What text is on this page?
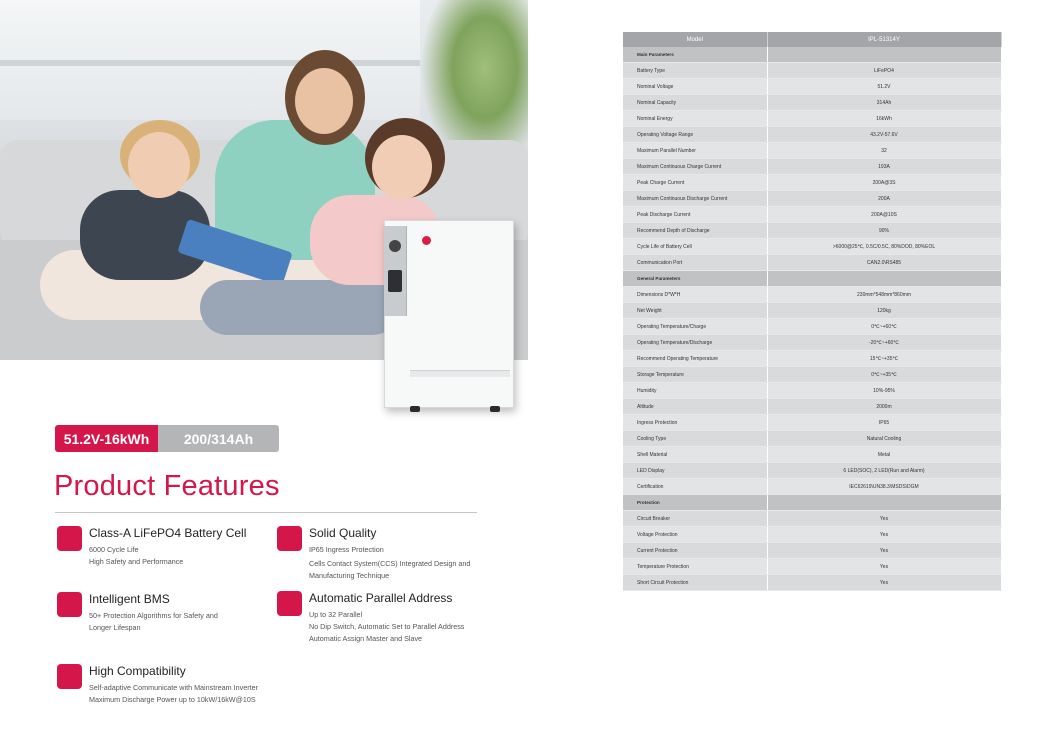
51.2V-16kWh	200/314Ah
Product Features
Class-A LiFePO4 Battery Cell
6000 Cycle Life
High Safety and Performance
Solid Quality
IP65 Ingress Protection
Cells Contact System(CCS) Integrated Design and Manufacturing Technique
Intelligent BMS
50+ Protection Algorithms for Safety and Longer Lifespan
Automatic Parallel Address
Up to 32 Parallel
No Dip Switch, Automatic Set to Parallel Address
Automatic Assign Master and Slave
High Compatibility
Self-adaptive Communicate with Mainstream Inverter
Maximum Discharge Power up to 10kW/16kW@10S
Model	IPL-51314Y
Main Parameters	
Battery Type	LiFePO4
Nominal Voltage	51.2V
Nominal Capacity	314Ah
Nominal Energy	16kWh
Operating Voltage Range	43.2V-57.6V
Maximum Parallel Number	32
Maximum Continuous Charge Current	193A
Peak Charge Current	200A@3S
Maximum Continuous Discharge Current	200A
Peak Discharge Current	200A@10S
Recommend Depth of Discharge	90%
Cycle Life of Battery Cell	>6000@25℃, 0.5C/0.5C, 80%DOD, 80%EOL
Communication Port	CAN2.0\RS485
General Parameters	
Dimensions D*W*H	230mm*548mm*860mm
Net Weight	120kg
Operating Temperature/Charge	0℃~+60℃
Operating Temperature/Discharge	-20℃~+60℃
Recommend Operating Temperature	15℃~+35℃
Storage Temperature	0℃~+35℃
Humidity	10%-95%
Altitude	2000m
Ingress Protection	IP65
Cooling Type	Natural Cooling
Shell Material	Metal
LED Display	6 LED(SOC), 2 LED(Run and Alarm)
Certification	IEC62619\UN38.3\MSDS\DGM
Protection	
Circuit Breaker	Yes
Voltage Protection	Yes
Current Protection	Yes
Temperature Protection	Yes
Short Circuit Protection	Yes
